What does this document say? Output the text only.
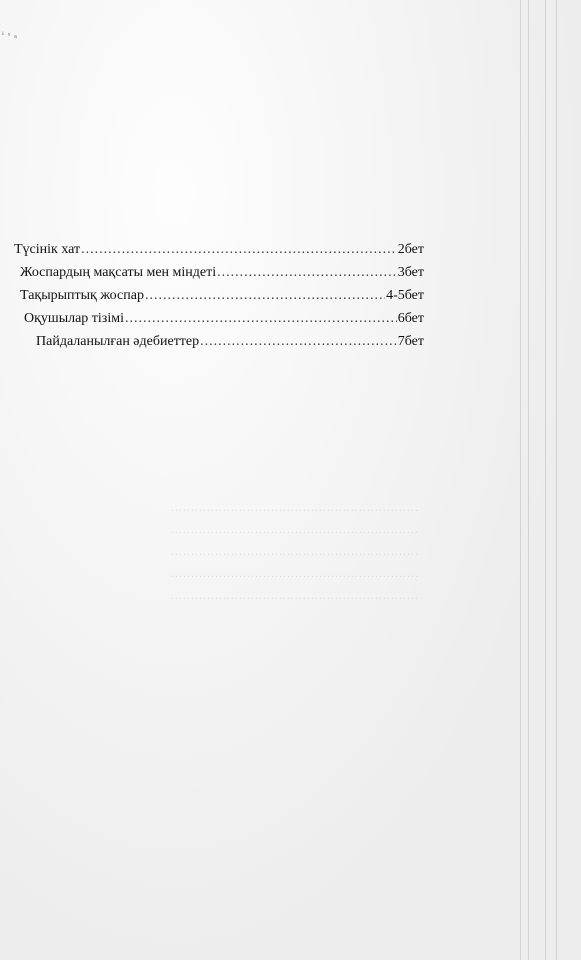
ⁱ ˢ ₛ
Түсінік хат .....	2бет
Жоспардың мақсаты мен міндеті .....	3бет
Тақырыптық жоспар .....	4-5бет
Оқушылар тізімі .....	6бет
Пайдаланылған әдебиеттер .....	7бет
.....
.....
.....
.....
.....
